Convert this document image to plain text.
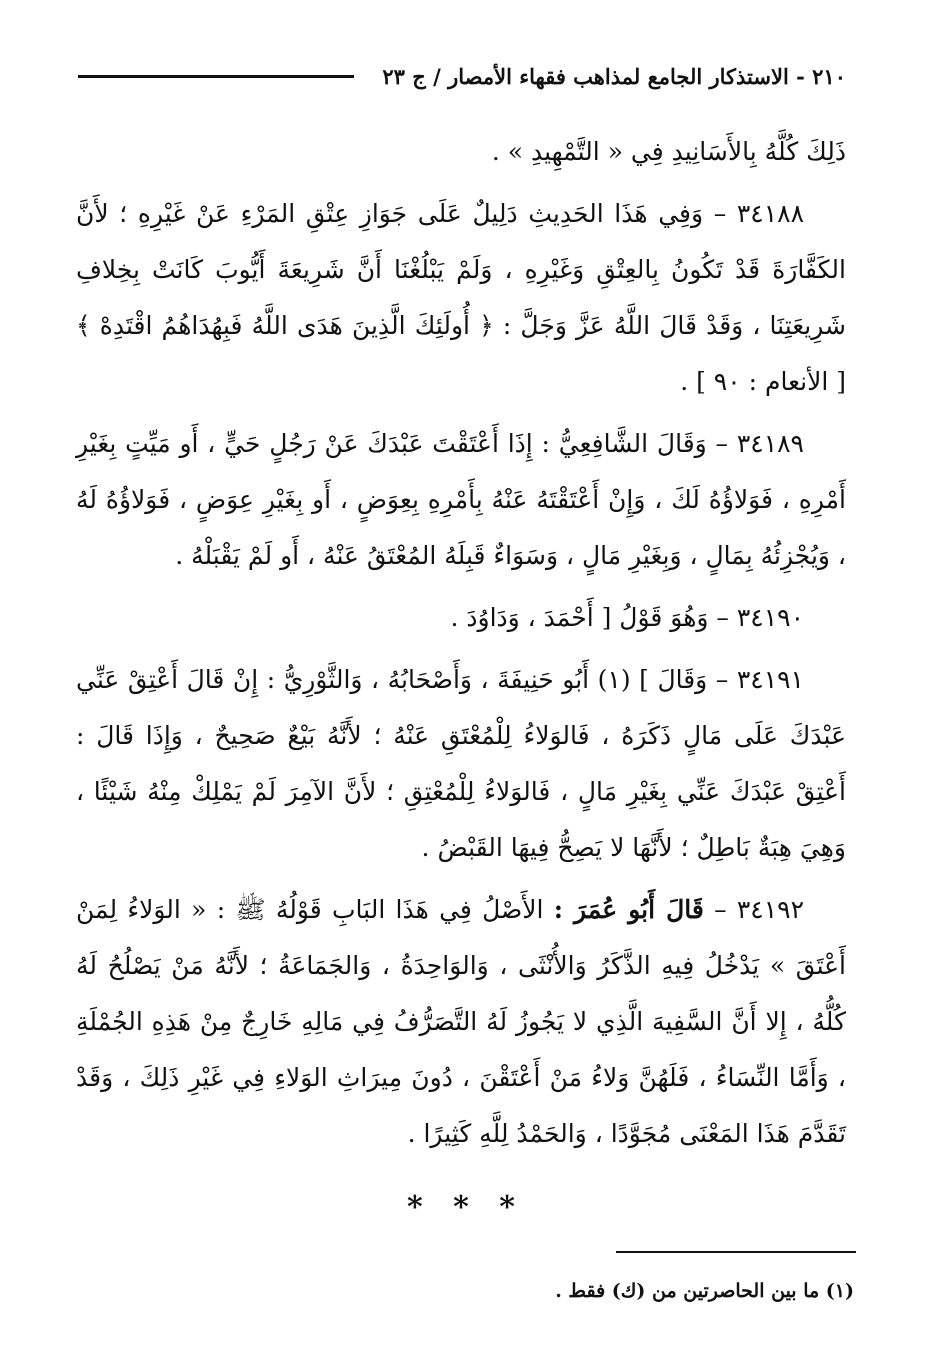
٢١٠ - الاستذكار الجامع لمذاهب فقهاء الأمصار / ج ٢٣

ذَلِكَ كُلَّهُ بِالأَسَانِيدِ فِي « التَّمْهِيدِ » .

٣٤١٨٨ – وَفِي هَذَا الحَدِيثِ دَلِيلٌ عَلَى جَوَازِ عِتْقِ المَرْءِ عَنْ غَيْرِهِ ؛ لأَنَّ الكَفَّارَةَ قَدْ تَكُونُ بِالعِتْقِ وَغَيْرِهِ ، وَلَمْ يَبْلُغْنَا أَنَّ شَرِيعَةَ أَيُّوبَ كَانَتْ بِخِلافِ شَرِيعَتِنَا ، وَقَدْ قَالَ اللَّهُ عَزَّ وَجَلَّ : ﴿ أُولَئِكَ الَّذِينَ هَدَى اللَّهُ فَبِهُدَاهُمُ اقْتَدِهْ ﴾ [ الأنعام : ٩٠ ] .

٣٤١٨٩ – وَقَالَ الشَّافِعِيُّ : إِذَا أَعْتَقْتَ عَبْدَكَ عَنْ رَجُلٍ حَيٍّ ، أَو مَيِّتٍ بِغَيْرِ أَمْرِهِ ، فَوَلاؤُهُ لَكَ ، وَإِنْ أَعْتَقْتَهُ عَنْهُ بِأَمْرِهِ بِعِوَضٍ ، أَو بِغَيْرِ عِوَضٍ ، فَوَلاؤُهُ لَهُ ، وَيُجْزِئُهُ بِمَالٍ ، وَبِغَيْرِ مَالٍ ، وَسَوَاءٌ قَبِلَهُ المُعْتَقُ عَنْهُ ، أَو لَمْ يَقْبَلْهُ .

٣٤١٩٠ – وَهُوَ قَوْلُ [ أَحْمَدَ ، وَدَاوُدَ .

٣٤١٩١ – وَقَالَ ] (١) أَبُو حَنِيفَةَ ، وَأَصْحَابُهُ ، وَالثَّوْرِيُّ : إِنْ قَالَ أَعْتِقْ عَنِّي عَبْدَكَ عَلَى مَالٍ ذَكَرَهُ ، فَالوَلاءُ لِلْمُعْتَقِ عَنْهُ ؛ لأَنَّهُ بَيْعٌ صَحِيحٌ ، وَإِذَا قَالَ : أَعْتِقْ عَبْدَكَ عَنِّي بِغَيْرِ مَالٍ ، فَالوَلاءُ لِلْمُعْتِقِ ؛ لأَنَّ الآمِرَ لَمْ يَمْلِكْ مِنْهُ شَيْئًا ، وَهِيَ هِبَةٌ بَاطِلٌ ؛ لأَنَّهَا لا يَصِحُّ فِيهَا القَبْضُ .

٣٤١٩٢ – قَالَ أَبُو عُمَرَ : الأَصْلُ فِي هَذَا البَابِ قَوْلُهُ ﷺ : « الوَلاءُ لِمَنْ أَعْتَقَ » يَدْخُلُ فِيهِ الذَّكَرُ وَالأُنْثَى ، وَالوَاحِدَةُ ، وَالجَمَاعَةُ ؛ لأَنَّهُ مَنْ يَصْلُحُ لَهُ كُلُّهُ ، إِلا أَنَّ السَّفِيهَ الَّذِي لا يَجُوزُ لَهُ التَّصَرُّفُ فِي مَالِهِ خَارِجٌ مِنْ هَذِهِ الجُمْلَةِ ، وَأَمَّا النِّسَاءُ ، فَلَهُنَّ وَلاءُ مَنْ أَعْتَقْنَ ، دُونَ مِيرَاثِ الوَلاءِ فِي غَيْرِ ذَلِكَ ، وَقَدْ تَقَدَّمَ هَذَا المَعْنَى مُجَوَّدًا ، وَالحَمْدُ لِلَّهِ كَثِيرًا .

* * *
(١) ما بين الحاصرتين من (ك) فقط .
